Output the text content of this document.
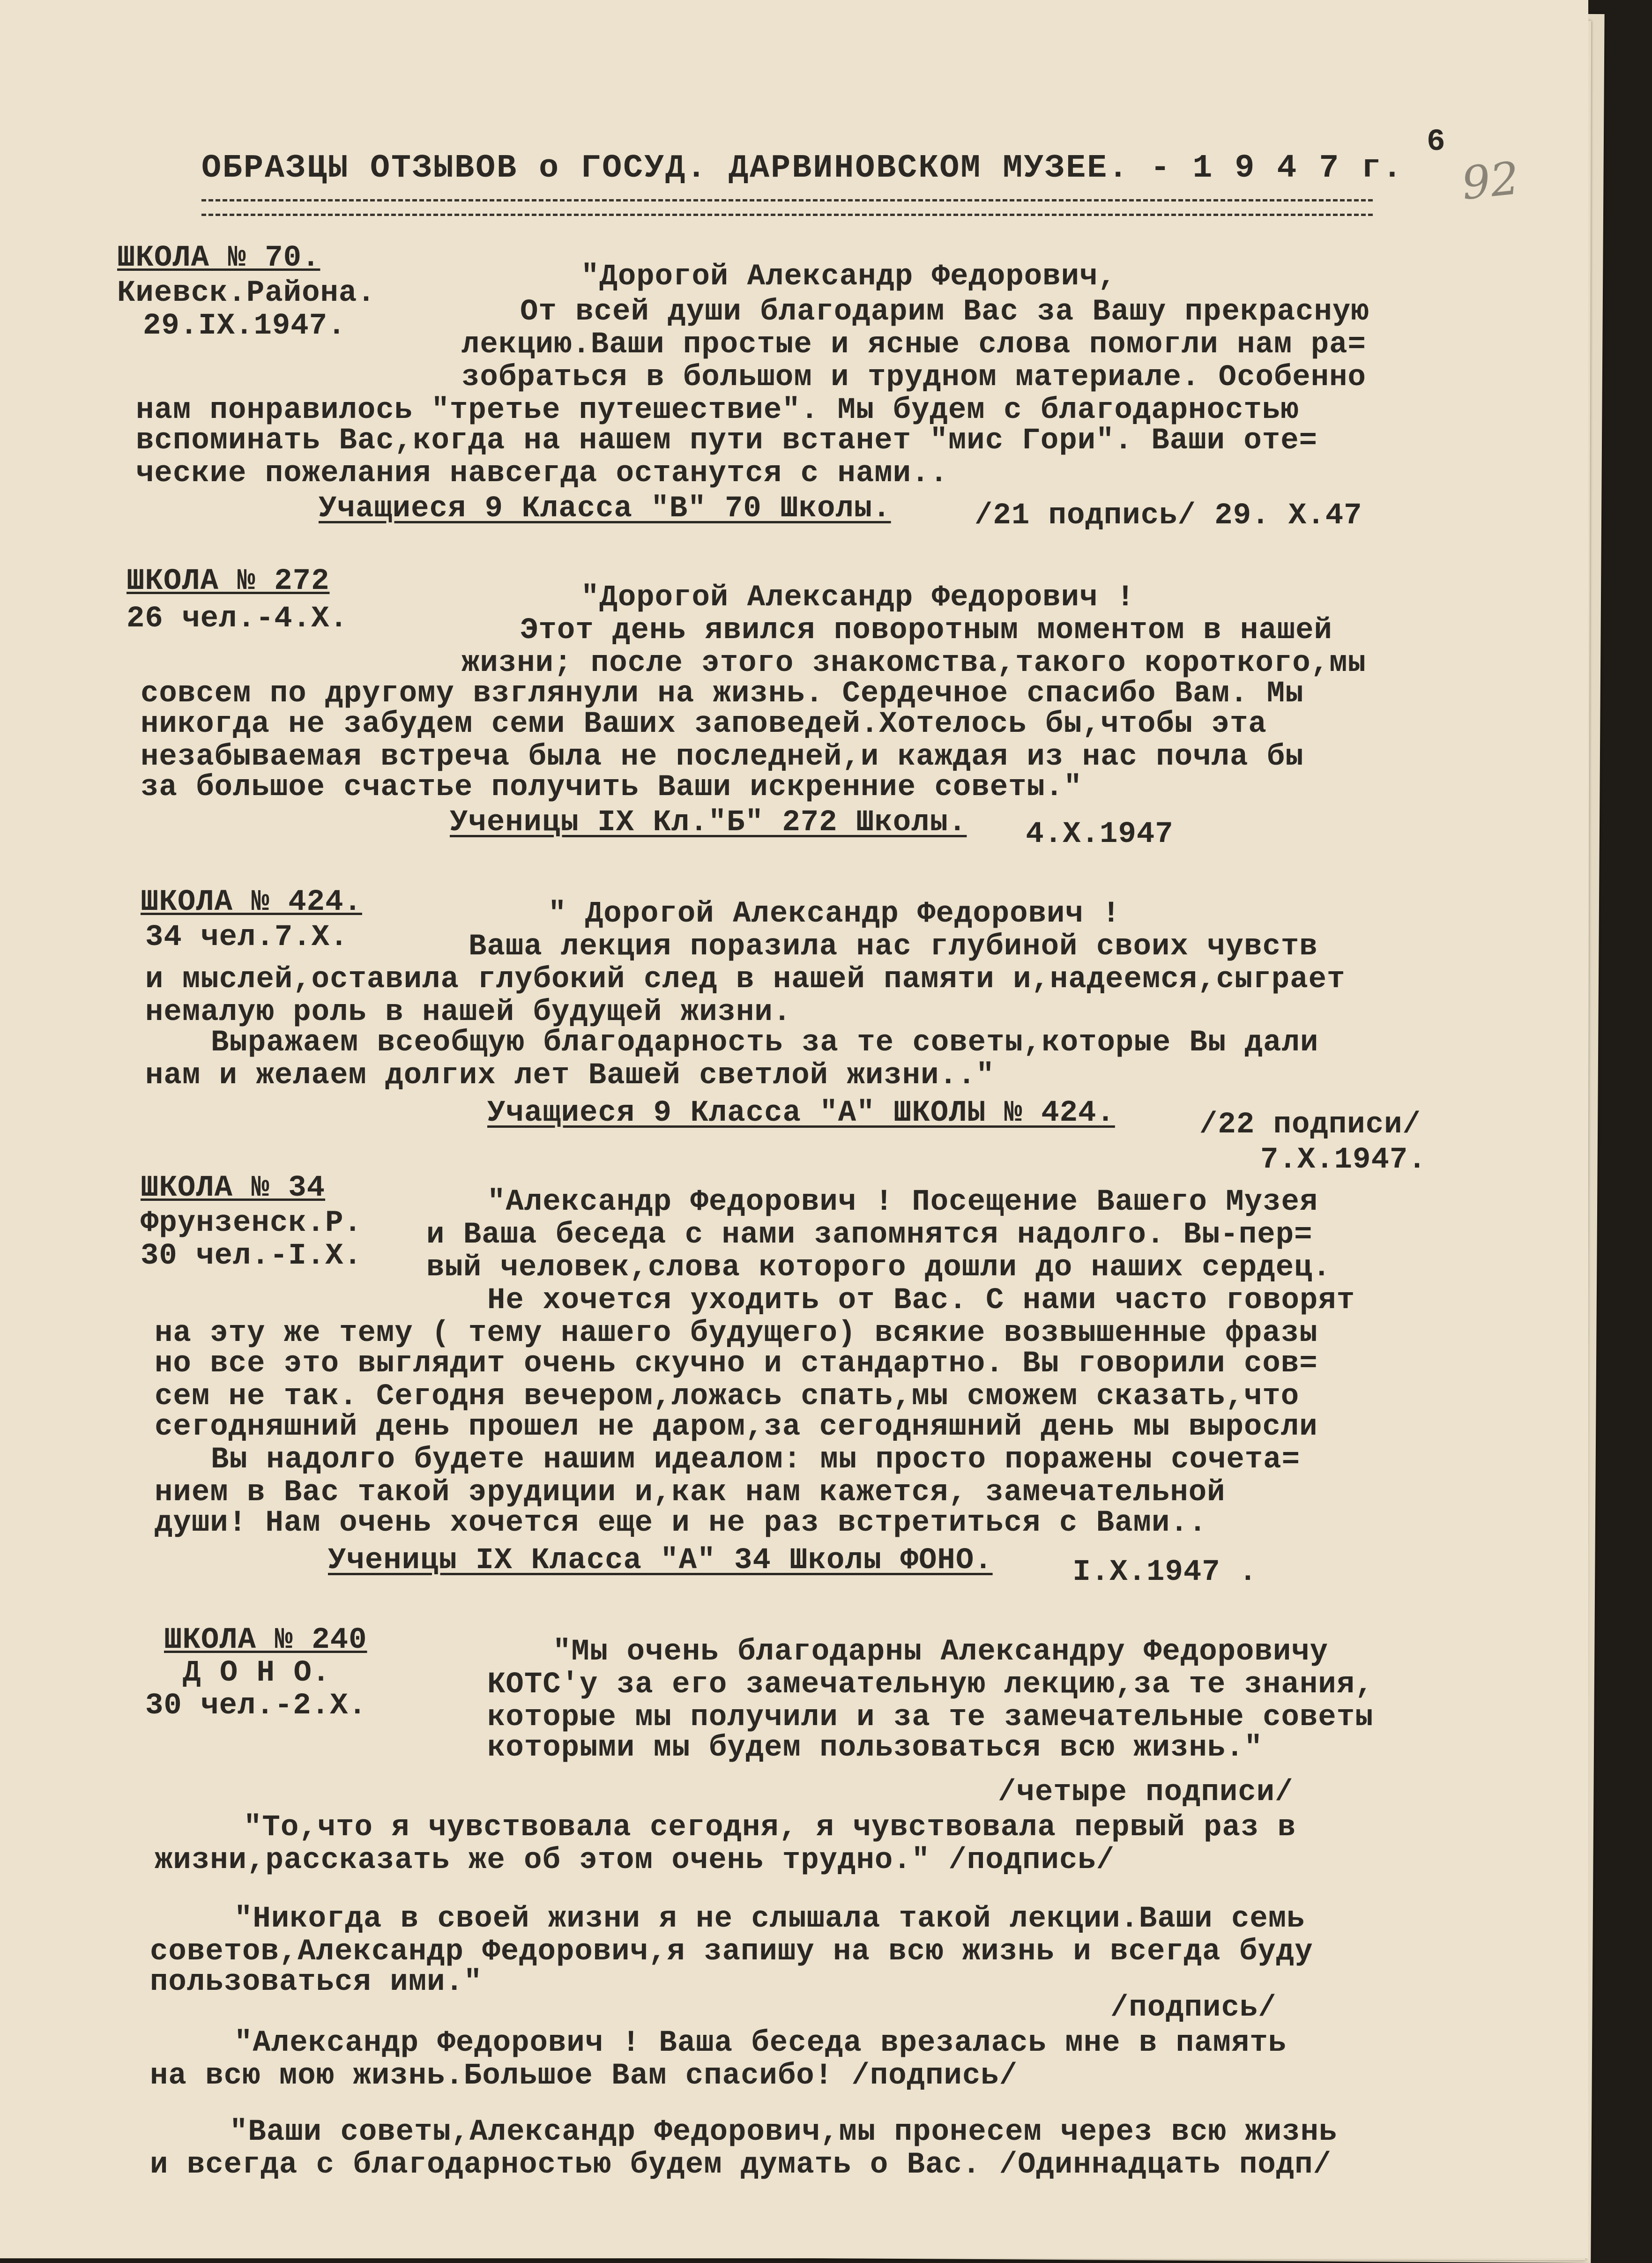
6
92
ОБРАЗЦЫ ОТЗЫВОВ о ГОСУД. ДАРВИНОВСКОМ МУЗЕЕ. - 1 9 4 7 г.
ШКОЛА № 70.
Киевск.Района.
29.IX.1947.
"Дорогой Александр Федорович,
От всей души благодарим Вас за Вашу прекрасную
лекцию.Ваши простые и ясные слова помогли нам ра=
зобраться в большом и трудном материале. Особенно
нам понравилось "третье путешествие". Мы будем с благодарностью
вспоминать Вас,когда на нашем пути встанет "мис Гори". Ваши оте=
ческие пожелания навсегда останутся с нами..
Учащиеся 9 Класса "В" 70 Школы.	/21 подпись/ 29. X.47
ШКОЛА № 272
26 чел.-4.X.
"Дорогой Александр Федорович !
Этот день явился поворотным моментом в нашей
жизни; после этого знакомства,такого короткого,мы
совсем по другому взглянули на жизнь. Сердечное спасибо Вам. Мы
никогда не забудем семи Ваших заповедей.Хотелось бы,чтобы эта
незабываемая встреча была не последней,и каждая из нас почла бы
за большое счастье получить Ваши искренние советы."
Ученицы IX Кл."Б" 272 Школы. 4.X.1947
ШКОЛА № 424.
34 чел.7.X.
" Дорогой Александр Федорович !
Ваша лекция поразила нас глубиной своих чувств
и мыслей,оставила глубокий след в нашей памяти и,надеемся,сыграет
немалую роль в нашей будущей жизни.
Выражаем всеобщую благодарность за те советы,которые Вы дали
нам и желаем долгих лет Вашей светлой жизни.."
Учащиеся 9 Класса "А" ШКОЛЫ № 424.	/22 подписи/
7.X.1947.
ШКОЛА № 34
Фрунзенск.Р.
30 чел.-I.X.
"Александр Федорович ! Посещение Вашего Музея
и Ваша беседа с нами запомнятся надолго. Вы-пер=
вый человек,слова которого дошли до наших сердец.
Не хочется уходить от Вас. С нами часто говорят
на эту же тему ( тему нашего будущего) всякие возвышенные фразы
но все это выглядит очень скучно и стандартно. Вы говорили сов=
сем не так. Сегодня вечером,ложась спать,мы сможем сказать,что
сегодняшний день прошел не даром,за сегодняшний день мы выросли
Вы надолго будете нашим идеалом: мы просто поражены сочета=
нием в Вас такой эрудиции и,как нам кажется, замечательной
души! Нам очень хочется еще и не раз встретиться с Вами..
Ученицы IX Класса "А" 34 Школы ФОНО. I.X.1947 .
ШКОЛА № 240
Д О Н О.
30 чел.-2.X.
"Мы очень благодарны Александру Федоровичу
КОТС'у за его замечательную лекцию,за те знания,
которые мы получили и за те замечательные советы
которыми мы будем пользоваться всю жизнь."
/четыре подписи/
"То,что я чувствовала сегодня, я чувствовала первый раз в
жизни,рассказать же об этом очень трудно." /подпись/
"Никогда в своей жизни я не слышала такой лекции.Ваши семь
советов,Александр Федорович,я запишу на всю жизнь и всегда буду
пользоваться ими."
/подпись/
"Александр Федорович ! Ваша беседа врезалась мне в память
на всю мою жизнь.Большое Вам спасибо! /подпись/
"Ваши советы,Александр Федорович,мы пронесем через всю жизнь
и всегда с благодарностью будем думать о Вас. /Одиннадцать подп/
